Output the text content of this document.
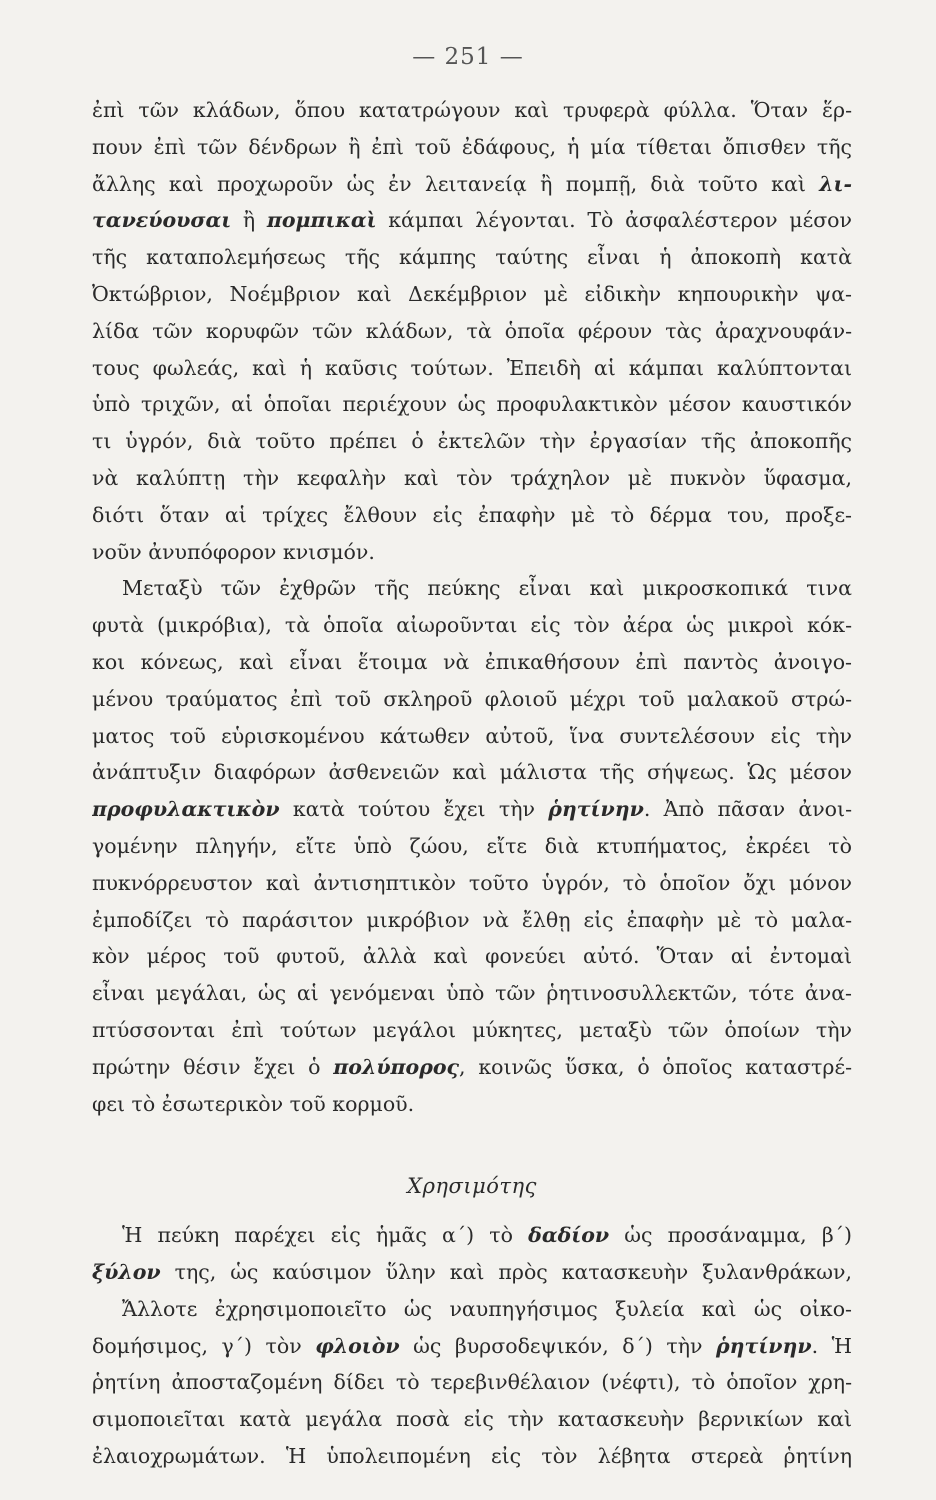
— 251 —
ἐπὶ τῶν κλάδων, ὅπου κατατρώγουν καὶ τρυφερὰ φύλλα. Ὅταν ἕρ-
πουν ἐπὶ τῶν δένδρων ἢ ἐπὶ τοῦ ἐδάφους, ἡ μία τίθεται ὄπισθεν τῆς
ἄλλης καὶ προχωροῦν ὡς ἐν λειτανείᾳ ἢ πομπῇ, διὰ τοῦτο καὶ λι-
τανεύουσαι ἢ πομπικαὶ κάμπαι λέγονται. Τὸ ἀσφαλέστερον μέσον
τῆς καταπολεμήσεως τῆς κάμπης ταύτης εἶναι ἡ ἀποκοπὴ κατὰ
Ὀκτώβριον, Νοέμβριον καὶ Δεκέμβριον μὲ εἰδικὴν κηπουρικὴν ψα-
λίδα τῶν κορυφῶν τῶν κλάδων, τὰ ὁποῖα φέρουν τὰς ἀραχνουφάν-
τους φωλεάς, καὶ ἡ καῦσις τούτων. Ἐπειδὴ αἱ κάμπαι καλύπτονται
ὑπὸ τριχῶν, αἱ ὁποῖαι περιέχουν ὡς προφυλακτικὸν μέσον καυστικόν
τι ὑγρόν, διὰ τοῦτο πρέπει ὁ ἐκτελῶν τὴν ἐργασίαν τῆς ἀποκοπῆς
νὰ καλύπτῃ τὴν κεφαλὴν καὶ τὸν τράχηλον μὲ πυκνὸν ὕφασμα,
διότι ὅταν αἱ τρίχες ἔλθουν εἰς ἐπαφὴν μὲ τὸ δέρμα του, προξε-
νοῦν ἀνυπόφορον κνισμόν.
Μεταξὺ τῶν ἐχθρῶν τῆς πεύκης εἶναι καὶ μικροσκοπικά τινα
φυτὰ (μικρόβια), τὰ ὁποῖα αἰωροῦνται εἰς τὸν ἀέρα ὡς μικροὶ κόκ-
κοι κόνεως, καὶ εἶναι ἕτοιμα νὰ ἐπικαθήσουν ἐπὶ παντὸς ἀνοιγο-
μένου τραύματος ἐπὶ τοῦ σκληροῦ φλοιοῦ μέχρι τοῦ μαλακοῦ στρώ-
ματος τοῦ εὑρισκομένου κάτωθεν αὐτοῦ, ἵνα συντελέσουν εἰς τὴν
ἀνάπτυξιν διαφόρων ἀσθενειῶν καὶ μάλιστα τῆς σήψεως. Ὡς μέσον
προφυλακτικὸν κατὰ τούτου ἔχει τὴν ῥητίνην. Ἀπὸ πᾶσαν ἀνοι-
γομένην πληγήν, εἴτε ὑπὸ ζώου, εἴτε διὰ κτυπήματος, ἐκρέει τὸ
πυκνόρρευστον καὶ ἀντισηπτικὸν τοῦτο ὑγρόν, τὸ ὁποῖον ὄχι μόνον
ἐμποδίζει τὸ παράσιτον μικρόβιον νὰ ἔλθῃ εἰς ἐπαφὴν μὲ τὸ μαλα-
κὸν μέρος τοῦ φυτοῦ, ἀλλὰ καὶ φονεύει αὐτό. Ὅταν αἱ ἐντομαὶ
εἶναι μεγάλαι, ὡς αἱ γενόμεναι ὑπὸ τῶν ῥητινοσυλλεκτῶν, τότε ἀνα-
πτύσσονται ἐπὶ τούτων μεγάλοι μύκητες, μεταξὺ τῶν ὁποίων τὴν
πρώτην θέσιν ἔχει ὁ πολύπορος, κοινῶς ὕσκα, ὁ ὁποῖος καταστρέ-
φει τὸ ἐσωτερικὸν τοῦ κορμοῦ.
Χρησιμότης
Ἡ πεύκη παρέχει εἰς ἡμᾶς α΄) τὸ δαδίον ὡς προσάναμμα, β΄)
ξύλον της, ὡς καύσιμον ὕλην καὶ πρὸς κατασκευὴν ξυλανθράκων,
Ἄλλοτε ἐχρησιμοποιεῖτο ὡς ναυπηγήσιμος ξυλεία καὶ ὡς οἰκο-
δομήσιμος, γ΄) τὸν φλοιὸν ὡς βυρσοδεψικόν, δ΄) τὴν ῥητίνην. Ἡ
ῥητίνη ἀποσταζομένη δίδει τὸ τερεβινθέλαιον (νέφτι), τὸ ὁποῖον χρη-
σιμοποιεῖται κατὰ μεγάλα ποσὰ εἰς τὴν κατασκευὴν βερνικίων καὶ
ἐλαιοχρωμάτων. Ἡ ὑπολειπομένη εἰς τὸν λέβητα στερεὰ ῥητίνη
